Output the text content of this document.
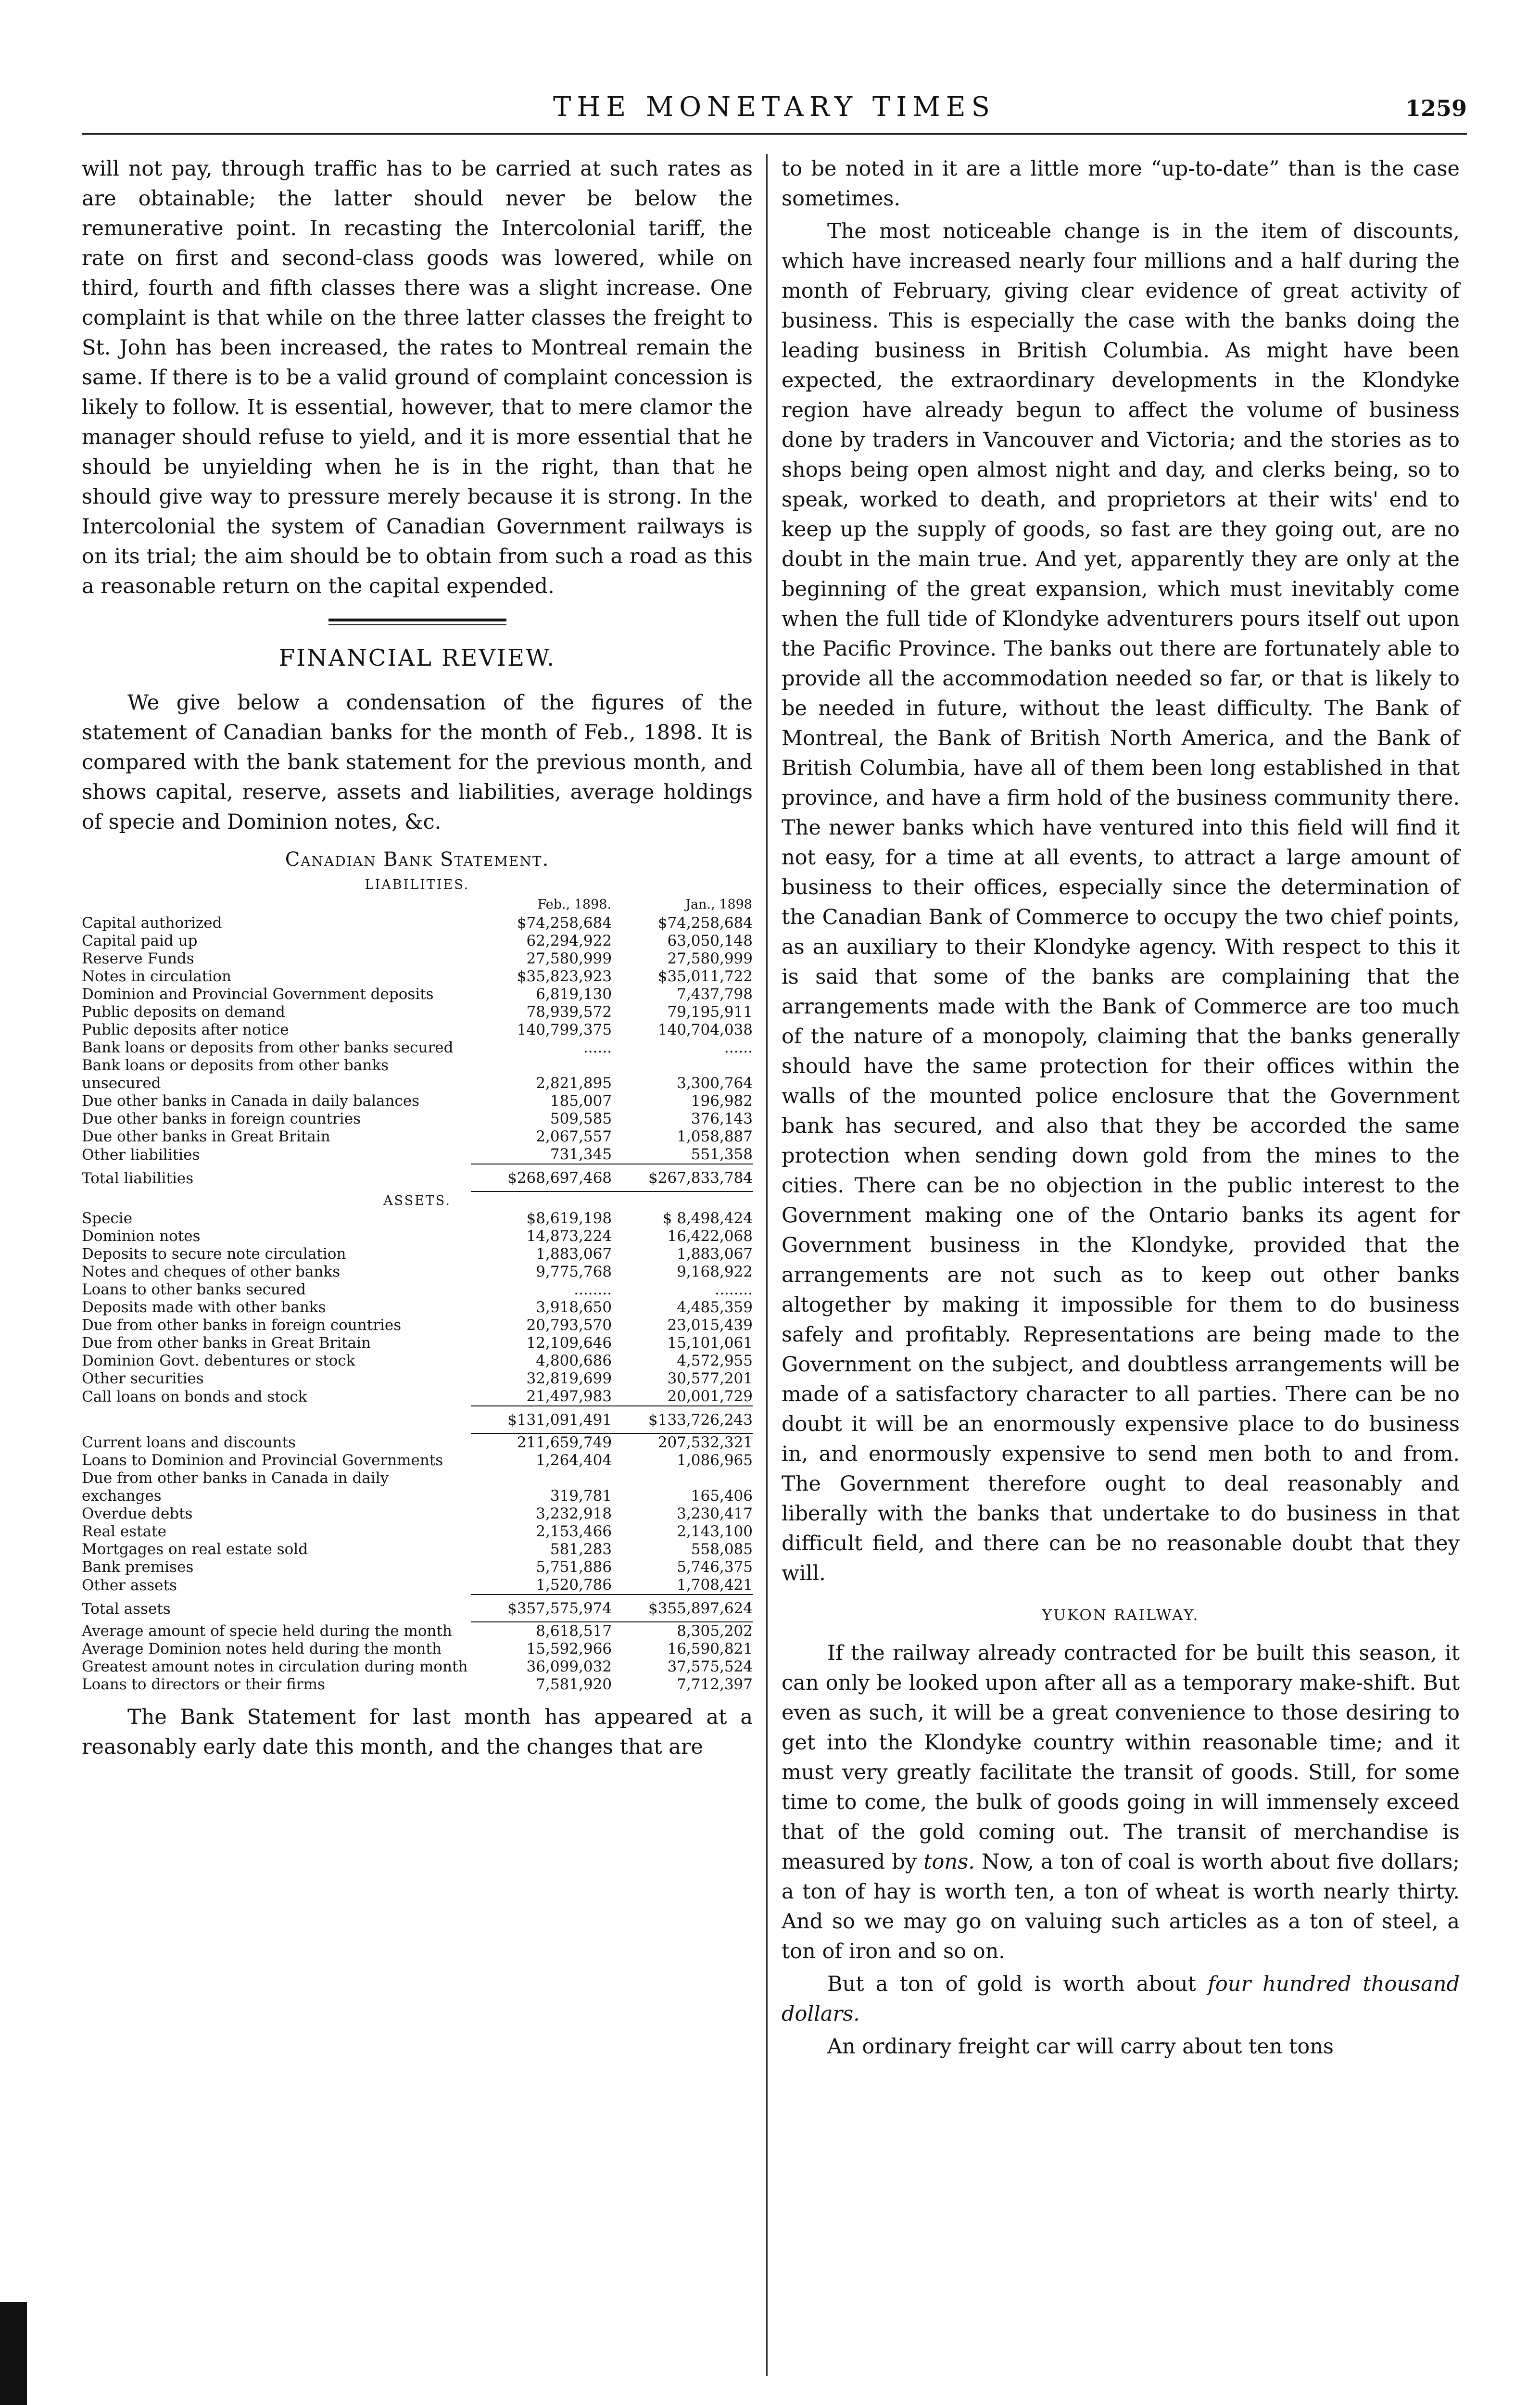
THE MONETARY TIMES	1259

will not pay, through traffic has to be carried at such rates as are obtainable; the latter should never be below the remunerative point. In recasting the Intercolonial tariff, the rate on first and second-class goods was lowered, while on third, fourth and fifth classes there was a slight increase. One complaint is that while on the three latter classes the freight to St. John has been increased, the rates to Montreal remain the same. If there is to be a valid ground of complaint concession is likely to follow. It is essential, however, that to mere clamor the manager should refuse to yield, and it is more essential that he should be unyielding when he is in the right, than that he should give way to pressure merely because it is strong. In the Intercolonial the system of Canadian Government railways is on its trial; the aim should be to obtain from such a road as this a reasonable return on the capital expended.

FINANCIAL REVIEW.

We give below a condensation of the figures of the statement of Canadian banks for the month of Feb., 1898. It is compared with the bank statement for the previous month, and shows capital, reserve, assets and liabilities, average holdings of specie and Dominion notes, &c.

Canadian Bank Statement.
LIABILITIES.
	Feb., 1898.	Jan., 1898
Capital authorized	$74,258,684	$74,258,684
Capital paid up	62,294,922	63,050,148
Reserve Funds	27,580,999	27,580,999
Notes in circulation	$35,823,923	$35,011,722
Dominion and Provincial Government deposits	6,819,130	7,437,798
Public deposits on demand	78,939,572	79,195,911
Public deposits after notice	140,799,375	140,704,038
Bank loans or deposits from other banks secured	......	......
Bank loans or deposits from other banks unsecured	2,821,895	3,300,764
Due other banks in Canada in daily balances	185,007	196,982
Due other banks in foreign countries	509,585	376,143
Due other banks in Great Britain	2,067,557	1,058,887
Other liabilities	731,345	551,358
Total liabilities	$268,697,468	$267,833,784
ASSETS.		
Specie	$8,619,198	$ 8,498,424
Dominion notes	14,873,224	16,422,068
Deposits to secure note circulation	1,883,067	1,883,067
Notes and cheques of other banks	9,775,768	9,168,922
Loans to other banks secured	........	........
Deposits made with other banks	3,918,650	4,485,359
Due from other banks in foreign countries	20,793,570	23,015,439
Due from other banks in Great Britain	12,109,646	15,101,061
Dominion Govt. debentures or stock	4,800,686	4,572,955
Other securities	32,819,699	30,577,201
Call loans on bonds and stock	21,497,983	20,001,729
	$131,091,491	$133,726,243
Current loans and discounts	211,659,749	207,532,321
Loans to Dominion and Provincial Governments	1,264,404	1,086,965
Due from other banks in Canada in daily exchanges	319,781	165,406
Overdue debts	3,232,918	3,230,417
Real estate	2,153,466	2,143,100
Mortgages on real estate sold	581,283	558,085
Bank premises	5,751,886	5,746,375
Other assets	1,520,786	1,708,421
Total assets	$357,575,974	$355,897,624
Average amount of specie held during the month	8,618,517	8,305,202
Average Dominion notes held during the month	15,592,966	16,590,821
Greatest amount notes in circulation during month	36,099,032	37,575,524
Loans to directors or their firms	7,581,920	7,712,397

The Bank Statement for last month has appeared at a reasonably early date this month, and the changes that are

to be noted in it are a little more “up-to-date” than is the case sometimes.

The most noticeable change is in the item of discounts, which have increased nearly four millions and a half during the month of February, giving clear evidence of great activity of business. This is especially the case with the banks doing the leading business in British Columbia. As might have been expected, the extraordinary developments in the Klondyke region have already begun to affect the volume of business done by traders in Vancouver and Victoria; and the stories as to shops being open almost night and day, and clerks being, so to speak, worked to death, and proprietors at their wits' end to keep up the supply of goods, so fast are they going out, are no doubt in the main true. And yet, apparently they are only at the beginning of the great expansion, which must inevitably come when the full tide of Klondyke adventurers pours itself out upon the Pacific Province. The banks out there are fortunately able to provide all the accommodation needed so far, or that is likely to be needed in future, without the least difficulty. The Bank of Montreal, the Bank of British North America, and the Bank of British Columbia, have all of them been long established in that province, and have a firm hold of the business community there. The newer banks which have ventured into this field will find it not easy, for a time at all events, to attract a large amount of business to their offices, especially since the determination of the Canadian Bank of Commerce to occupy the two chief points, as an auxiliary to their Klondyke agency. With respect to this it is said that some of the banks are complaining that the arrangements made with the Bank of Commerce are too much of the nature of a monopoly, claiming that the banks generally should have the same protection for their offices within the walls of the mounted police enclosure that the Government bank has secured, and also that they be accorded the same protection when sending down gold from the mines to the cities. There can be no objection in the public interest to the Government making one of the Ontario banks its agent for Government business in the Klondyke, provided that the arrangements are not such as to keep out other banks altogether by making it impossible for them to do business safely and profitably. Representations are being made to the Government on the subject, and doubtless arrangements will be made of a satisfactory character to all parties. There can be no doubt it will be an enormously expensive place to do business in, and enormously expensive to send men both to and from. The Government therefore ought to deal reasonably and liberally with the banks that undertake to do business in that difficult field, and there can be no reasonable doubt that they will.

YUKON RAILWAY.

If the railway already contracted for be built this season, it can only be looked upon after all as a temporary make-shift. But even as such, it will be a great convenience to those desiring to get into the Klondyke country within reasonable time; and it must very greatly facilitate the transit of goods. Still, for some time to come, the bulk of goods going in will immensely exceed that of the gold coming out. The transit of merchandise is measured by tons. Now, a ton of coal is worth about five dollars; a ton of hay is worth ten, a ton of wheat is worth nearly thirty. And so we may go on valuing such articles as a ton of steel, a ton of iron and so on.

But a ton of gold is worth about four hundred thousand dollars.

An ordinary freight car will carry about ten tons
